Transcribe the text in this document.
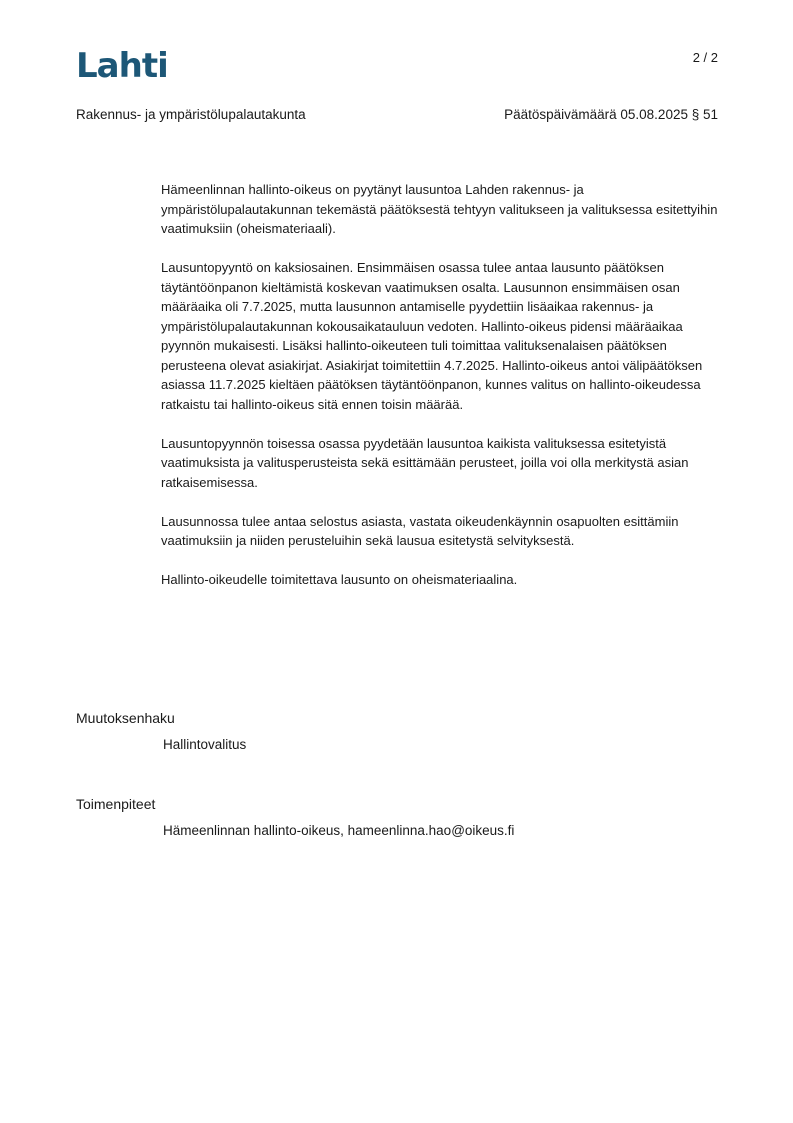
Lahti	2 / 2
Rakennus- ja ympäristölupalautakunta	Päätöspäivämäärä 05.08.2025 § 51

Hämeenlinnan hallinto-oikeus on pyytänyt lausuntoa Lahden rakennus- ja ympäristölupalautakunnan tekemästä päätöksestä tehtyyn valitukseen ja valituksessa esitettyihin vaatimuksiin (oheismateriaali).

Lausuntopyyntö on kaksiosainen. Ensimmäisen osassa tulee antaa lausunto päätöksen täytäntöönpanon kieltämistä koskevan vaatimuksen osalta. Lausunnon ensimmäisen osan määräaika oli 7.7.2025, mutta lausunnon antamiselle pyydettiin lisäaikaa rakennus- ja ympäristölupalautakunnan kokousaikatauluun vedoten. Hallinto-oikeus pidensi määräaikaa pyynnön mukaisesti. Lisäksi hallinto-oikeuteen tuli toimittaa valituksenalaisen päätöksen perusteena olevat asiakirjat. Asiakirjat toimitettiin 4.7.2025. Hallinto-oikeus antoi välipäätöksen asiassa 11.7.2025 kieltäen päätöksen täytäntöönpanon, kunnes valitus on hallinto-oikeudessa ratkaistu tai hallinto-oikeus sitä ennen toisin määrää.

Lausuntopyynnön toisessa osassa pyydetään lausuntoa kaikista valituksessa esitetyistä vaatimuksista ja valitusperusteista sekä esittämään perusteet, joilla voi olla merkitystä asian ratkaisemisessa.

Lausunnossa tulee antaa selostus asiasta, vastata oikeudenkäynnin osapuolten esittämiin vaatimuksiin ja niiden perusteluihin sekä lausua esitetystä selvityksestä.

Hallinto-oikeudelle toimitettava lausunto on oheismateriaalina.

Muutoksenhaku
Hallintovalitus
Toimenpiteet
Hämeenlinnan hallinto-oikeus, hameenlinna.hao@oikeus.fi
